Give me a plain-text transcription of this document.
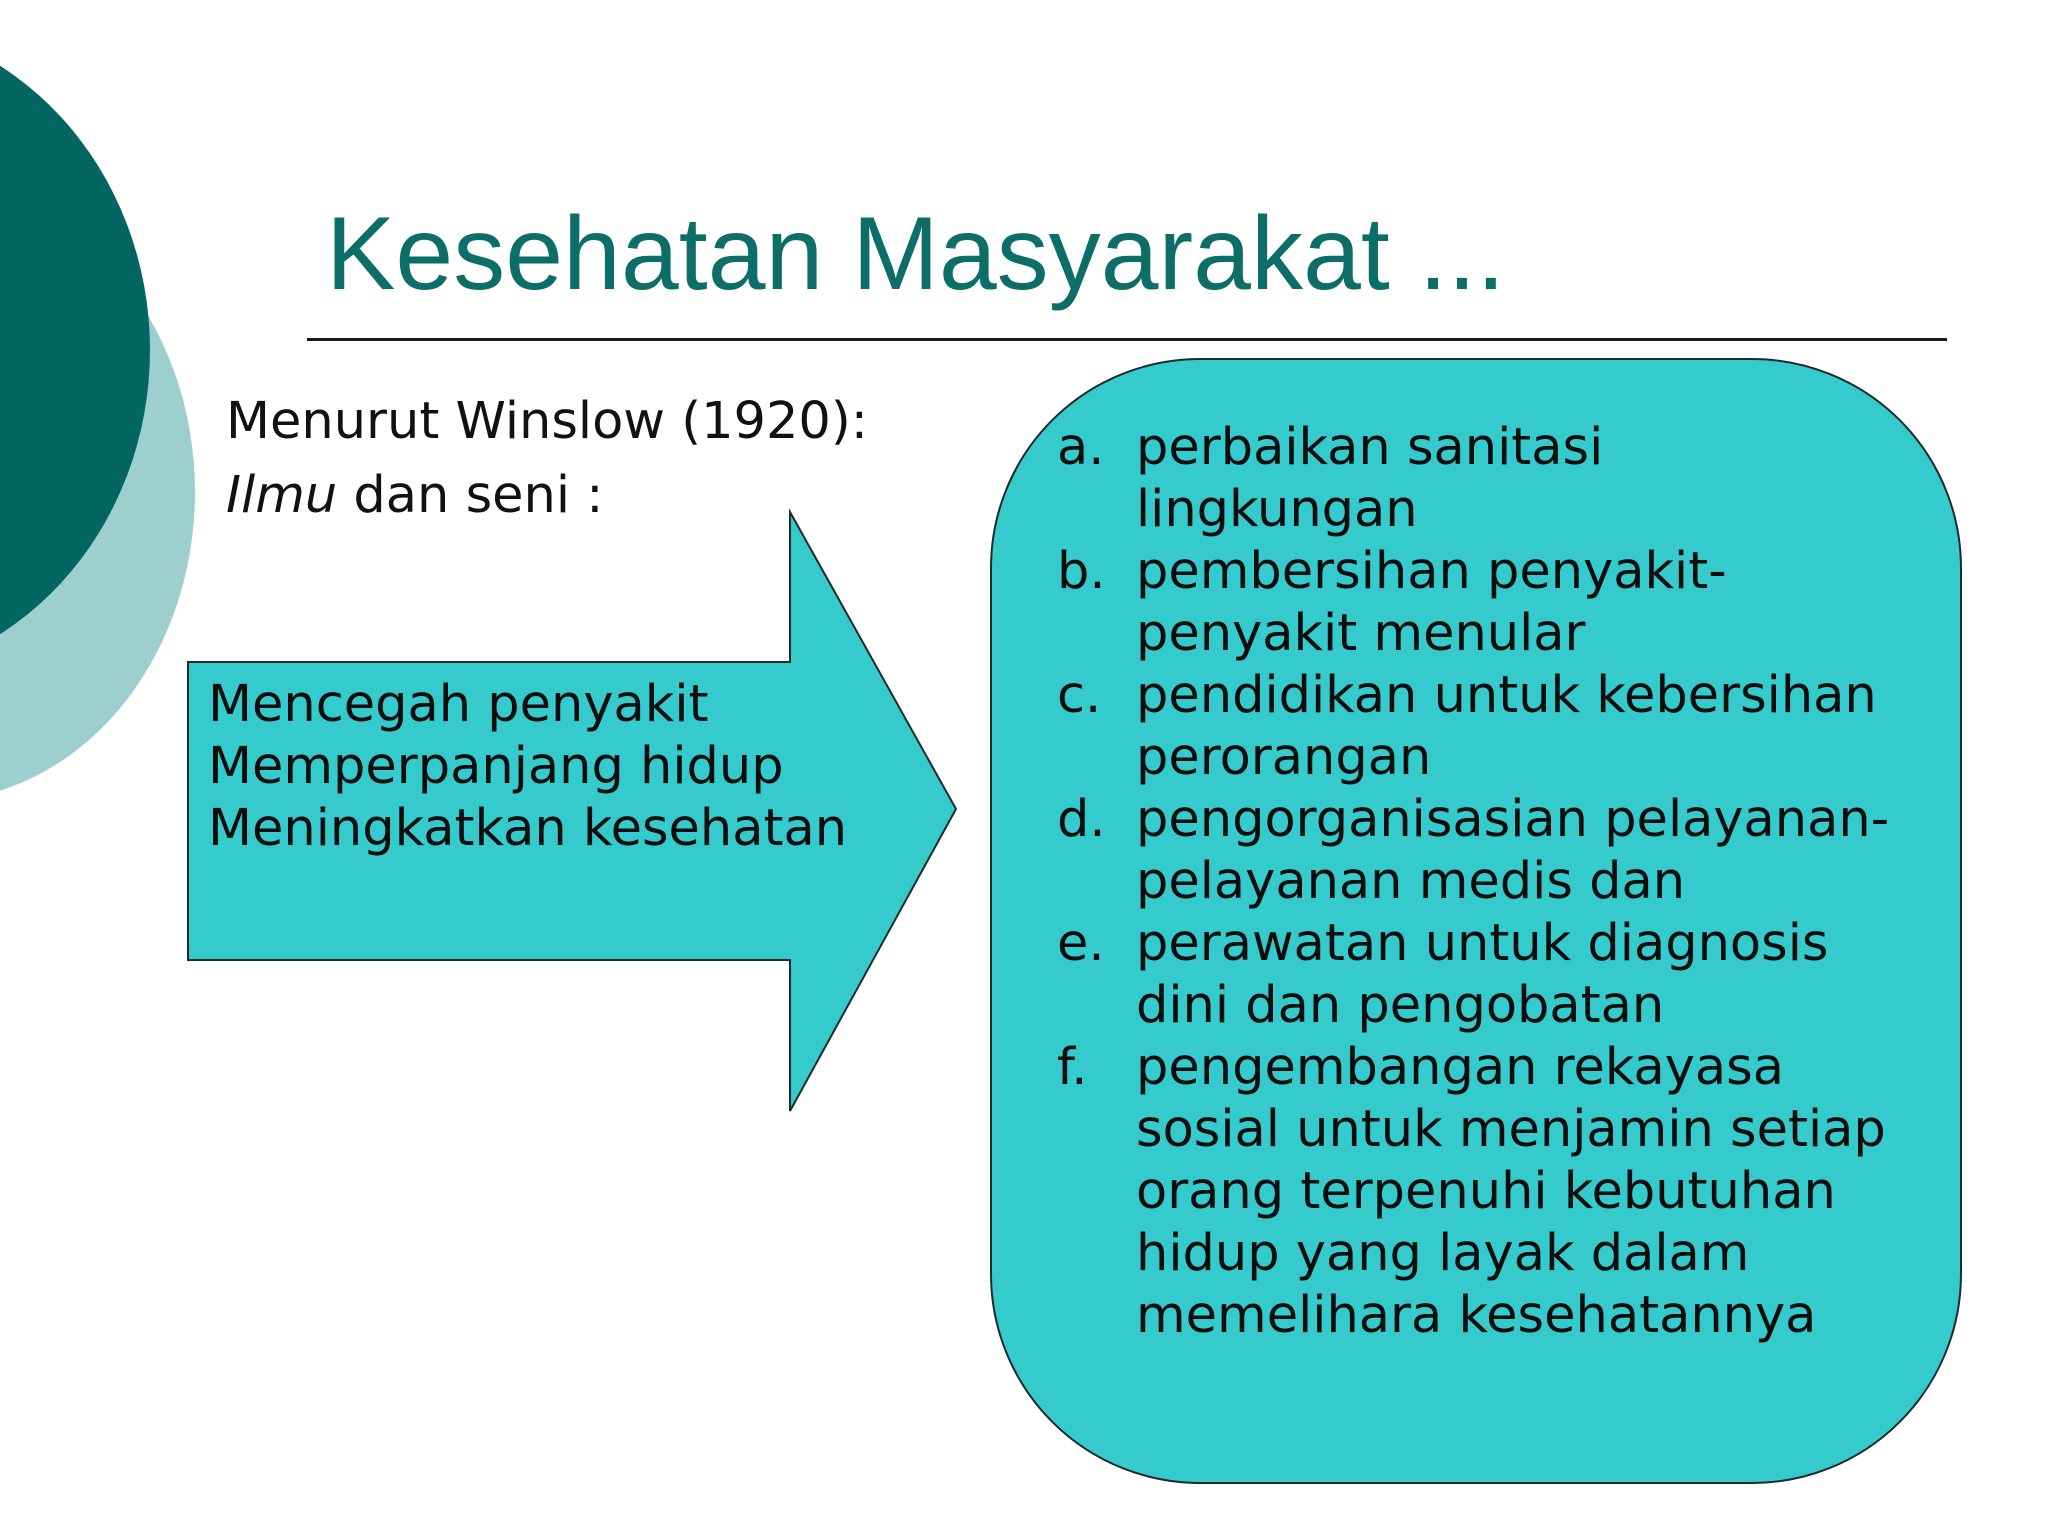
Kesehatan Masyarakat ...
Menurut Winslow (1920):
Ilmu dan seni :
Mencegah penyakit
Memperpanjang hidup
Meningkatkan kesehatan
a. perbaikan sanitasi
lingkungan
b. pembersihan penyakit-
penyakit menular
c. pendidikan untuk kebersihan
perorangan
d. pengorganisasian pelayanan-
pelayanan medis dan
e. perawatan untuk diagnosis
dini dan pengobatan
f. pengembangan rekayasa
sosial untuk menjamin setiap
orang terpenuhi kebutuhan
hidup yang layak dalam
memelihara kesehatannya
